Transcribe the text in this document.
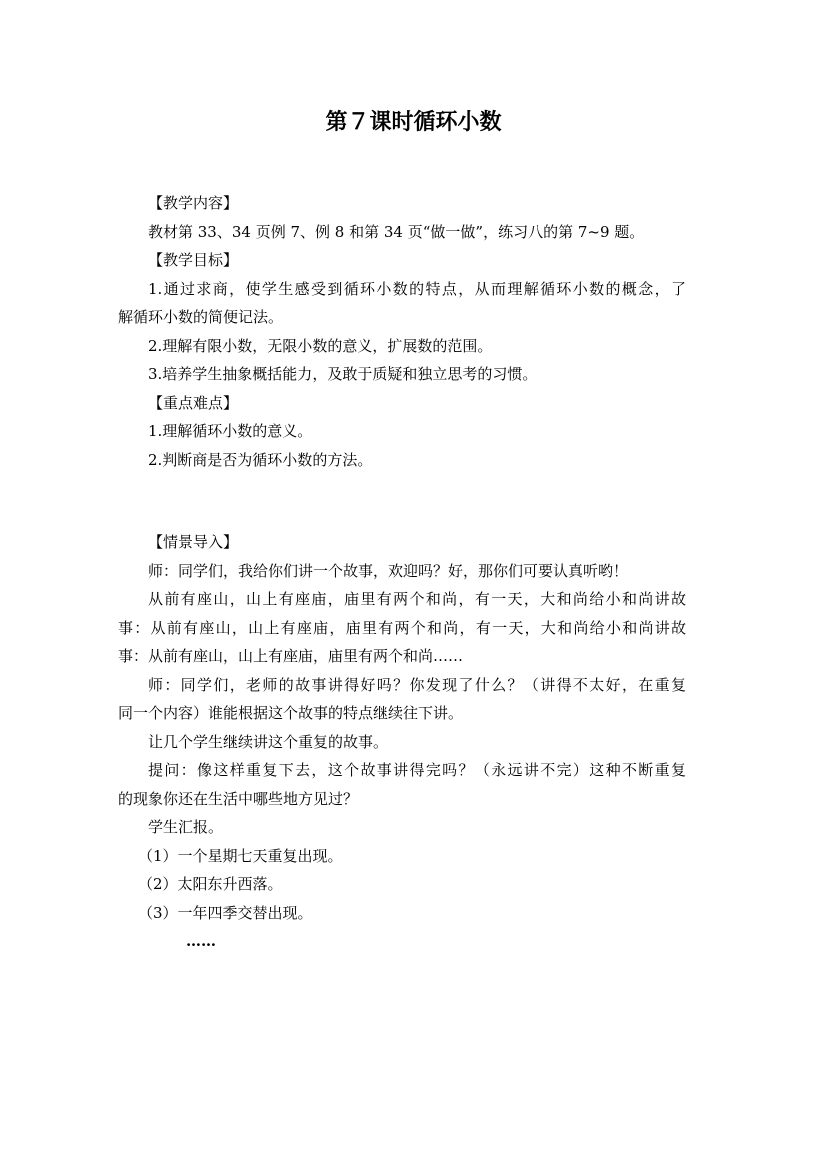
第７课时循环小数
【教学内容】
教材第 33、34 页例 7、例 8 和第 34 页“做一做”，练习八的第 7~9 题。
【教学目标】
1.通过求商，使学生感受到循环小数的特点，从而理解循环小数的概念，了
解循环小数的简便记法。
2.理解有限小数，无限小数的意义，扩展数的范围。
3.培养学生抽象概括能力，及敢于质疑和独立思考的习惯。
【重点难点】
1.理解循环小数的意义。
2.判断商是否为循环小数的方法。
【情景导入】
师：同学们，我给你们讲一个故事，欢迎吗？好，那你们可要认真听哟！
从前有座山，山上有座庙，庙里有两个和尚，有一天，大和尚给小和尚讲故
事：从前有座山，山上有座庙，庙里有两个和尚，有一天，大和尚给小和尚讲故
事：从前有座山，山上有座庙，庙里有两个和尚……
师：同学们，老师的故事讲得好吗？你发现了什么？（讲得不太好，在重复
同一个内容）谁能根据这个故事的特点继续往下讲。
让几个学生继续讲这个重复的故事。
提问：像这样重复下去，这个故事讲得完吗？（永远讲不完）这种不断重复
的现象你还在生活中哪些地方见过？
学生汇报。
（1）一个星期七天重复出现。
（2）太阳东升西落。
（3）一年四季交替出现。
……
